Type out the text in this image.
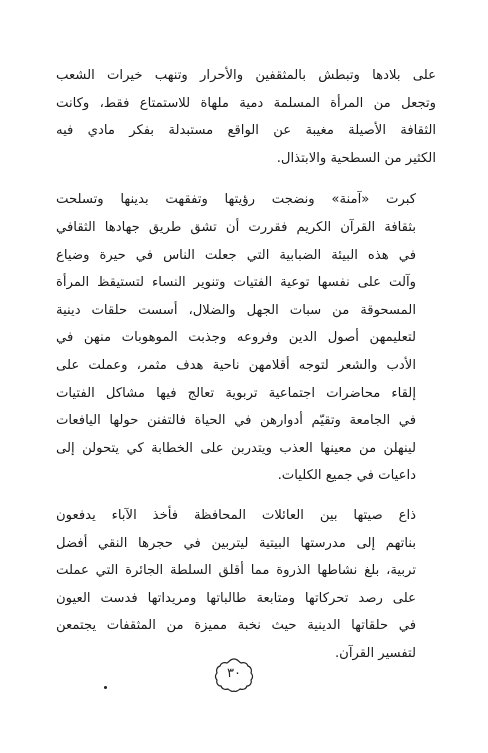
على بلادها وتبطش بالمثقفين والأحرار وتنهب خيرات الشعب
وتجعل من المرأة المسلمة دمية ملهاة للاستمتاع فقط، وكانت
الثقافة الأصيلة مغيبة عن الواقع مستبدلة بفكر مادي فيه
الكثير من السطحية والابتذال.

كبرت «آمنة» ونضجت رؤيتها وتفقهت بدينها وتسلحت
بثقافة القرآن الكريم فقررت أن تشق طريق جهادها الثقافي
في هذه البيئة الضبابية التي جعلت الناس في حيرة وضياع
وآلت على نفسها توعية الفتيات وتنوير النساء لتستيقظ المرأة
المسحوقة من سبات الجهل والضلال، أسست حلقات دينية
لتعليمهن أصول الدين وفروعه وجذبت الموهوبات منهن في
الأدب والشعر لتوجه أقلامهن ناحية هدف مثمر، وعملت على
إلقاء محاضرات اجتماعية تربوية تعالج فيها مشاكل الفتيات
في الجامعة وتقيّم أدوارهن في الحياة فالتفنن حولها اليافعات
لينهلن من معينها العذب ويتدربن على الخطابة كي يتحولن إلى
داعيات في جميع الكليات.

ذاع صيتها بين العائلات المحافظة فأخذ الآباء يدفعون
بناتهم إلى مدرستها البيتية ليتربين في حجرها النقي أفضل
تربية، بلغ نشاطها الذروة مما أقلق السلطة الجائرة التي عملت
على رصد تحركاتها ومتابعة طالباتها ومريداتها فدست العيون
في حلقاتها الدينية حيث نخبة مميزة من المثقفات يجتمعن
لتفسير القرآن.

٣٠
